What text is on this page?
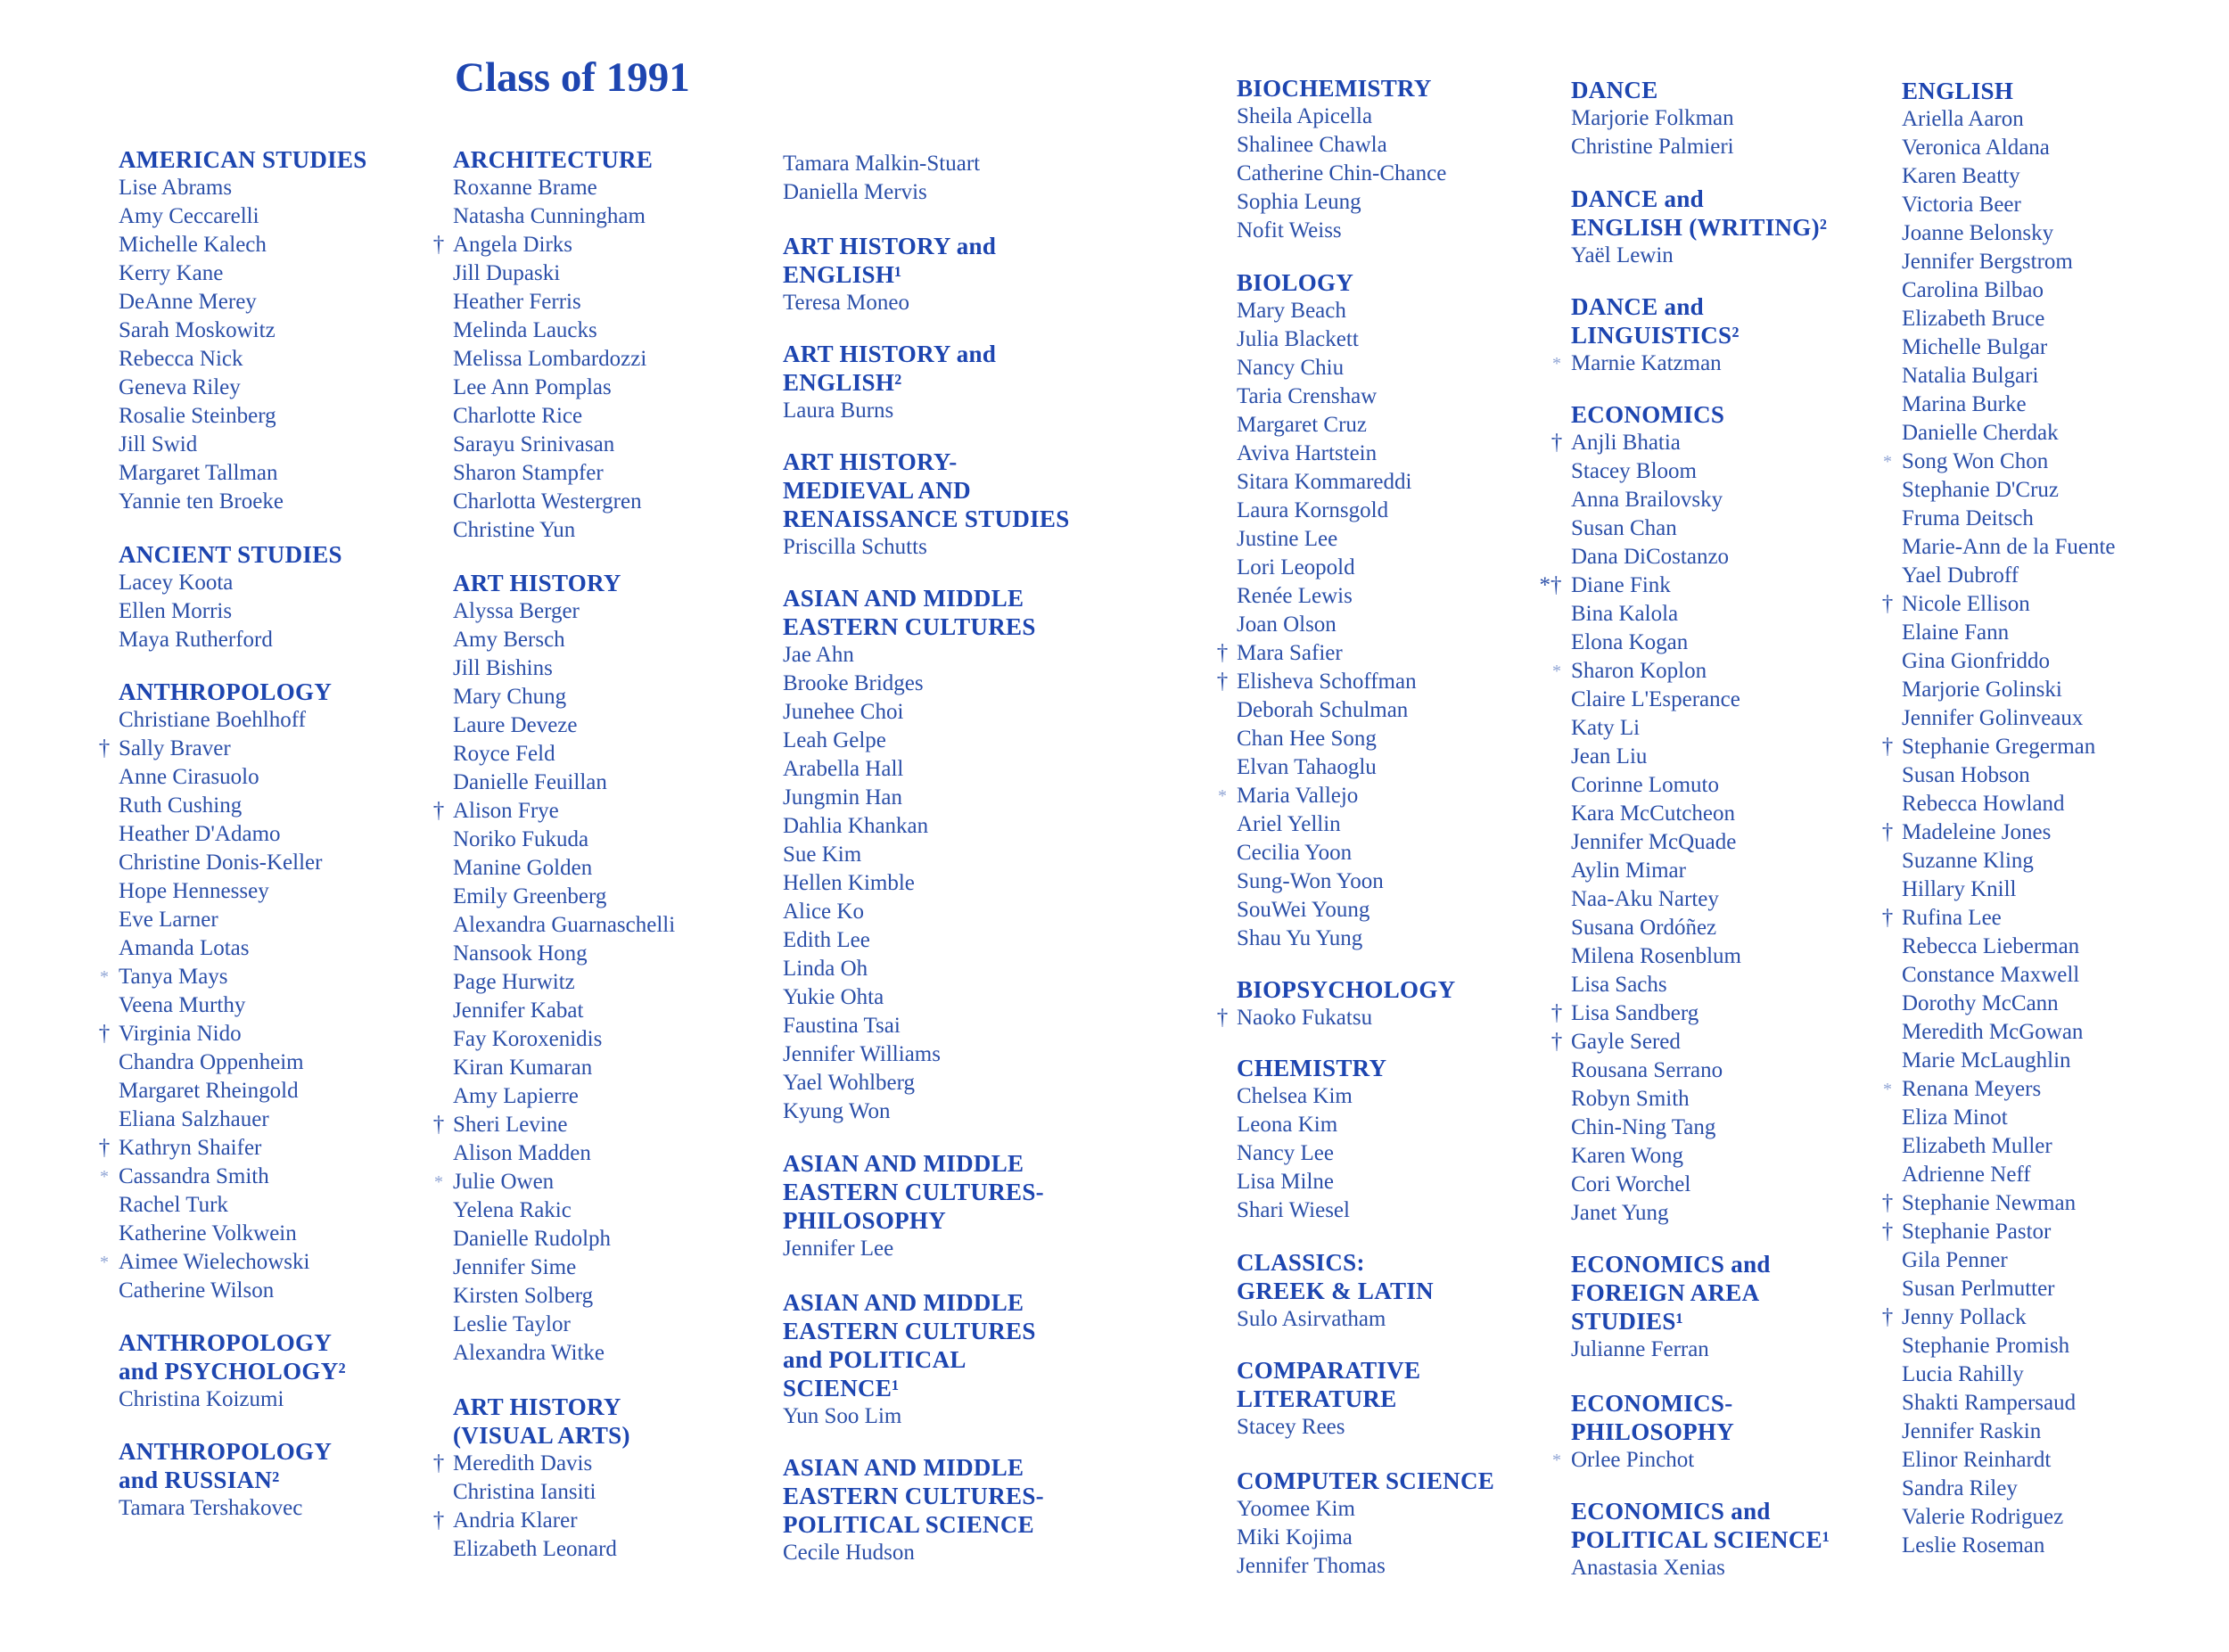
Class of 1991
AMERICAN STUDIES
Lise Abrams
Amy Ceccarelli
Michelle Kalech
Kerry Kane
DeAnne Merey
Sarah Moskowitz
Rebecca Nick
Geneva Riley
Rosalie Steinberg
Jill Swid
Margaret Tallman
Yannie ten Broeke
ANCIENT STUDIES
Lacey Koota
Ellen Morris
Maya Rutherford
ANTHROPOLOGY
Christiane Boehlhoff
† Sally Braver
Anne Cirasuolo
Ruth Cushing
Heather D'Adamo
Christine Donis-Keller
Hope Hennessey
Eve Larner
Amanda Lotas
* Tanya Mays
Veena Murthy
† Virginia Nido
Chandra Oppenheim
Margaret Rheingold
Eliana Salzhauer
† Kathryn Shaifer
* Cassandra Smith
Rachel Turk
Katherine Volkwein
* Aimee Wielechowski
Catherine Wilson
ANTHROPOLOGY
and PSYCHOLOGY²
Christina Koizumi
ANTHROPOLOGY
and RUSSIAN²
Tamara Tershakovec
ARCHITECTURE
Roxanne Brame
Natasha Cunningham
† Angela Dirks
Jill Dupaski
Heather Ferris
Melinda Laucks
Melissa Lombardozzi
Lee Ann Pomplas
Charlotte Rice
Sarayu Srinivasan
Sharon Stampfer
Charlotta Westergren
Christine Yun
ART HISTORY
Alyssa Berger
Amy Bersch
Jill Bishins
Mary Chung
Laure Deveze
Royce Feld
Danielle Feuillan
† Alison Frye
Noriko Fukuda
Manine Golden
Emily Greenberg
Alexandra Guarnaschelli
Nansook Hong
Page Hurwitz
Jennifer Kabat
Fay Koroxenidis
Kiran Kumaran
Amy Lapierre
† Sheri Levine
Alison Madden
* Julie Owen
Yelena Rakic
Danielle Rudolph
Jennifer Sime
Kirsten Solberg
Leslie Taylor
Alexandra Witke
ART HISTORY
(VISUAL ARTS)
† Meredith Davis
Christina Iansiti
† Andria Klarer
Elizabeth Leonard
Tamara Malkin-Stuart
Daniella Mervis
ART HISTORY and
ENGLISH¹
Teresa Moneo
ART HISTORY and
ENGLISH²
Laura Burns
ART HISTORY-
MEDIEVAL AND
RENAISSANCE STUDIES
Priscilla Schutts
ASIAN AND MIDDLE
EASTERN CULTURES
Jae Ahn
Brooke Bridges
Junehee Choi
Leah Gelpe
Arabella Hall
Jungmin Han
Dahlia Khankan
Sue Kim
Hellen Kimble
Alice Ko
Edith Lee
Linda Oh
Yukie Ohta
Faustina Tsai
Jennifer Williams
Yael Wohlberg
Kyung Won
ASIAN AND MIDDLE
EASTERN CULTURES-
PHILOSOPHY
Jennifer Lee
ASIAN AND MIDDLE
EASTERN CULTURES
and POLITICAL
SCIENCE¹
Yun Soo Lim
ASIAN AND MIDDLE
EASTERN CULTURES-
POLITICAL SCIENCE
Cecile Hudson
BIOCHEMISTRY
Sheila Apicella
Shalinee Chawla
Catherine Chin-Chance
Sophia Leung
Nofit Weiss
BIOLOGY
Mary Beach
Julia Blackett
Nancy Chiu
Taria Crenshaw
Margaret Cruz
Aviva Hartstein
Sitara Kommareddi
Laura Kornsgold
Justine Lee
Lori Leopold
Renée Lewis
Joan Olson
† Mara Safier
† Elisheva Schoffman
Deborah Schulman
Chan Hee Song
Elvan Tahaoglu
* Maria Vallejo
Ariel Yellin
Cecilia Yoon
Sung-Won Yoon
SouWei Young
Shau Yu Yung
BIOPSYCHOLOGY
† Naoko Fukatsu
CHEMISTRY
Chelsea Kim
Leona Kim
Nancy Lee
Lisa Milne
Shari Wiesel
CLASSICS:
GREEK & LATIN
Sulo Asirvatham
COMPARATIVE
LITERATURE
Stacey Rees
COMPUTER SCIENCE
Yoomee Kim
Miki Kojima
Jennifer Thomas
DANCE
Marjorie Folkman
Christine Palmieri
DANCE and
ENGLISH (WRITING)²
Yaël Lewin
DANCE and
LINGUISTICS²
* Marnie Katzman
ECONOMICS
† Anjli Bhatia
Stacey Bloom
Anna Brailovsky
Susan Chan
Dana DiCostanzo
*† Diane Fink
Bina Kalola
Elona Kogan
* Sharon Koplon
Claire L'Esperance
Katy Li
Jean Liu
Corinne Lomuto
Kara McCutcheon
Jennifer McQuade
Aylin Mimar
Naa-Aku Nartey
Susana Ordóñez
Milena Rosenblum
Lisa Sachs
† Lisa Sandberg
† Gayle Sered
Rousana Serrano
Robyn Smith
Chin-Ning Tang
Karen Wong
Cori Worchel
Janet Yung
ECONOMICS and
FOREIGN AREA
STUDIES¹
Julianne Ferran
ECONOMICS-
PHILOSOPHY
* Orlee Pinchot
ECONOMICS and
POLITICAL SCIENCE¹
Anastasia Xenias
ENGLISH
Ariella Aaron
Veronica Aldana
Karen Beatty
Victoria Beer
Joanne Belonsky
Jennifer Bergstrom
Carolina Bilbao
Elizabeth Bruce
Michelle Bulgar
Natalia Bulgari
Marina Burke
Danielle Cherdak
* Song Won Chon
Stephanie D'Cruz
Fruma Deitsch
Marie-Ann de la Fuente
Yael Dubroff
† Nicole Ellison
Elaine Fann
Gina Gionfriddo
Marjorie Golinski
Jennifer Golinveaux
† Stephanie Gregerman
Susan Hobson
Rebecca Howland
† Madeleine Jones
Suzanne Kling
Hillary Knill
† Rufina Lee
Rebecca Lieberman
Constance Maxwell
Dorothy McCann
Meredith McGowan
Marie McLaughlin
* Renana Meyers
Eliza Minot
Elizabeth Muller
Adrienne Neff
† Stephanie Newman
† Stephanie Pastor
Gila Penner
Susan Perlmutter
† Jenny Pollack
Stephanie Promish
Lucia Rahilly
Shakti Rampersaud
Jennifer Raskin
Elinor Reinhardt
Sandra Riley
Valerie Rodriguez
Leslie Roseman
